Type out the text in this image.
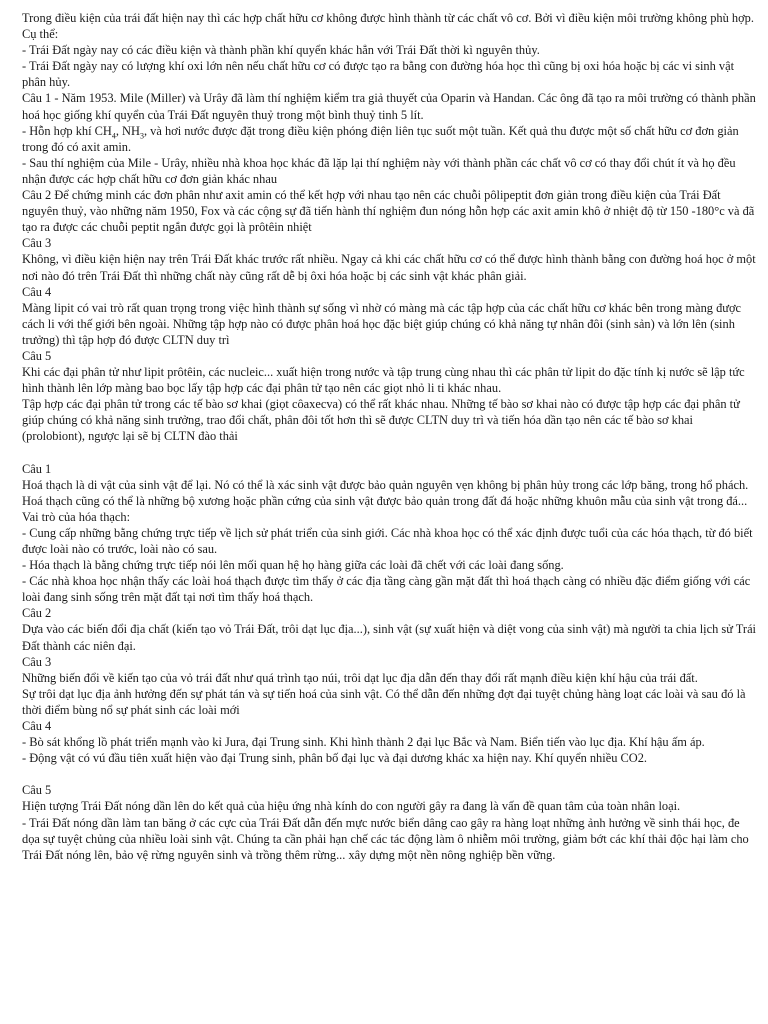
Trong điều kiện của trái đất hiện nay thì các hợp chất hữu cơ không được hình thành từ các chất vô cơ. Bởi vì điều kiện môi trường không phù hợp. Cụ thể:

- Trái Đất ngày nay có các điều kiện và thành phần khí quyển khác hẳn với Trái Đất thời kì nguyên thủy.

- Trái Đất ngày nay có lượng khí oxi lớn nên nếu chất hữu cơ có được tạo ra bằng con đường hóa học thì cũng bị oxi hóa hoặc bị các vi sinh vật phân hủy.

Câu 1 - Năm 1953. Mile (Miller) và Urây đã làm thí nghiệm kiểm tra giả thuyết của Oparin và Handan. Các ông đã tạo ra môi trường có thành phần hoá học giống khí quyển của Trái Đất nguyên thuỷ trong một bình thuỷ tinh 5 lít.

- Hỗn hợp khí $CH_4$, $NH_3$, và hơi nước được đặt trong điều kiện phóng điện liên tục suốt một tuần. Kết quả thu được một số chất hữu cơ đơn giản trong đó có axit amin.

- Sau thí nghiệm của Mile - Urây, nhiều nhà khoa học khác đã lặp lại thí nghiệm này với thành phần các chất vô cơ có thay đổi chút ít và họ đều nhận được các hợp chất hữu cơ đơn giản khác nhau

Câu 2 Để chứng minh các đơn phân như axit amin có thể kết hợp với nhau tạo nên các chuỗi pôlipeptit đơn giản trong điều kiện của Trái Đất nguyên thuỷ, vào những năm 1950, Fox và các cộng sự đã tiến hành thí nghiệm đun nóng hỗn hợp các axit amin khô ở nhiệt độ từ 150 -180°c và đã tạo ra được các chuỗi peptit ngắn được gọi là prôtêin nhiệt

Câu 3

Không, vì điều kiện hiện nay trên Trái Đất khác trước rất nhiều. Ngay cả khi các chất hữu cơ có thể được hình thành bằng con đường hoá học ở một nơi nào đó trên Trái Đất thì những chất này cũng rất dễ bị ôxi hóa hoặc bị các sinh vật khác phân giải.

Câu 4

Màng lipit có vai trò rất quan trọng trong việc hình thành sự sống vì nhờ có màng mà các tập hợp của các chất hữu cơ khác bên trong màng được cách li với thế giới bên ngoài. Những tập hợp nào có được phân hoá học đặc biệt giúp chúng có khả năng tự nhân đôi (sinh sản) và lớn lên (sinh trưởng) thì tập hợp đó được CLTN duy trì

Câu 5

Khi các đại phân tử như lipit prôtêin, các nucleic... xuất hiện trong nước và tập trung cùng nhau thì các phân tử lipit do đặc tính kị nước sẽ lập tức hình thành lên lớp màng bao bọc lấy tập hợp các đại phân tử tạo nên các giọt nhỏ li ti khác nhau.

Tập hợp các đại phân tử trong các tế bào sơ khai (giọt côaxecva) có thể rất khác nhau. Những tế bào sơ khai nào có được tập hợp các đại phân tử giúp chúng có khả năng sinh trưởng, trao đổi chất, phân đôi tốt hơn thì sẽ được CLTN duy trì và tiến hóa dần tạo nên các tế bào sơ khai (prolobiont), ngược lại sẽ bị CLTN đào thải

Câu 1

Hoá thạch là di vật của sinh vật để lại. Nó có thể là xác sinh vật được bảo quản nguyên vẹn không bị phân hủy trong các lớp băng, trong hổ phách. Hoá thạch cũng có thể là những bộ xương hoặc phần cứng của sinh vật được bảo quản trong đất đá hoặc những khuôn mẫu của sinh vật trong đá...

Vai trò của hóa thạch:

- Cung cấp những bằng chứng trực tiếp về lịch sử phát triển của sinh giới. Các nhà khoa học có thể xác định được tuổi của các hóa thạch, từ đó biết được loài nào có trước, loài nào có sau.

- Hóa thạch là bằng chứng trực tiếp nói lên mối quan hệ họ hàng giữa các loài đã chết với các loài đang sống.

- Các nhà khoa học nhận thấy các loài hoá thạch được tìm thấy ở các địa tầng càng gần mặt đất thì hoá thạch càng có nhiều đặc điểm giống với các loài đang sinh sống trên mặt đất tại nơi tìm thấy hoá thạch.

Câu 2

Dựa vào các biến đổi địa chất (kiến tạo vỏ Trái Đất, trôi dạt lục địa...), sinh vật (sự xuất hiện và diệt vong của sinh vật) mà người ta chia lịch sử Trái Đất thành các niên đại.

Câu 3

Những biến đổi về kiến tạo của vỏ trái đất như quá trình tạo núi, trôi dạt lục địa dẫn đến thay đổi rất mạnh điều kiện khí hậu của trái đất.

Sự trôi dạt lục địa ảnh hưởng đến sự phát tán và sự tiến hoá của sinh vật. Có thể dẫn đến những đợt đại tuyệt chủng hàng loạt các loài và sau đó là thời điểm bùng nổ sự phát sinh các loài mới

Câu 4

- Bò sát khổng lồ phát triển mạnh vào kỉ Jura, đại Trung sinh. Khi hình thành 2 đại lục Bắc và Nam. Biển tiến vào lục địa. Khí hậu ấm áp.

- Động vật có vú đầu tiên xuất hiện vào đại Trung sinh, phân bố đại lục và đại dương khác xa hiện nay. Khí quyển nhiều CO2.

Câu 5

Hiện tượng Trái Đất nóng dần lên do kết quả của hiệu ứng nhà kính do con người gây ra đang là vấn đề quan tâm của toàn nhân loại.

- Trái Đất nóng dần làm tan băng ở các cực của Trái Đất dẫn đến mực nước biển dâng cao gây ra hàng loạt những ảnh hưởng về sinh thái học, đe dọa sự tuyệt chủng của nhiều loài sinh vật. Chúng ta cần phải hạn chế các tác động làm ô nhiễm môi trường, giảm bớt các khí thải độc hại làm cho Trái Đất nóng lên, bảo vệ rừng nguyên sinh và trồng thêm rừng... xây dựng một nền nông nghiệp bền vững.
